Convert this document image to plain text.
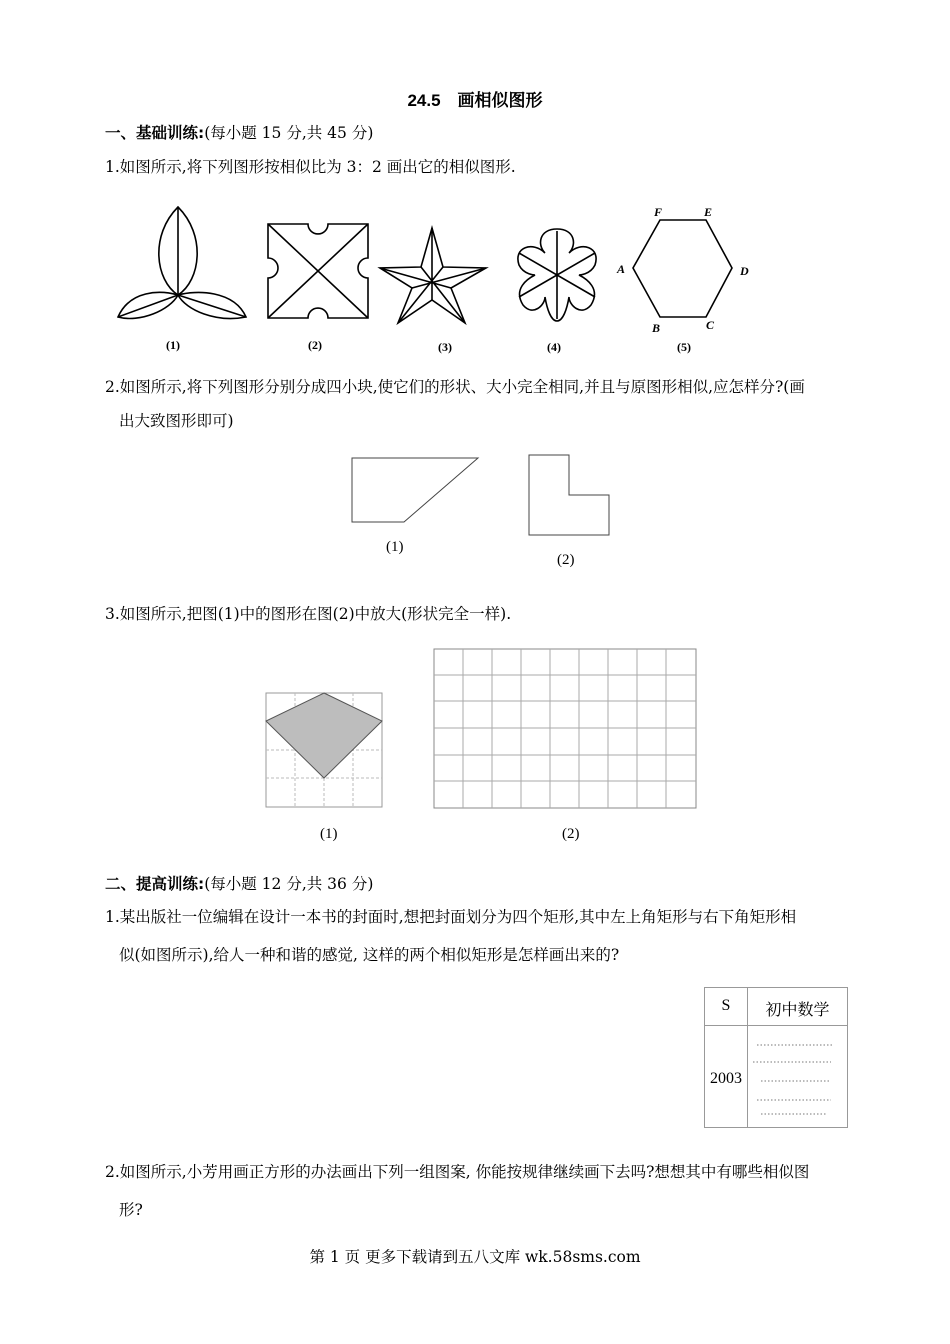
24.5　画相似图形
一、基础训练:(每小题 15 分,共 45 分)
1.如图所示,将下列图形按相似比为 3：2 画出它的相似图形.
F	E
A	D
B	C
(1)	(2)	(3)	(4)	(5)
2.如图所示,将下列图形分别分成四小块,使它们的形状、大小完全相同,并且与原图形相似,应怎样分?(画
出大致图形即可)
(1)
(2)
3.如图所示,把图(1)中的图形在图(2)中放大(形状完全一样).
(1)	(2)
二、提高训练:(每小题 12 分,共 36 分)
1.某出版社一位编辑在设计一本书的封面时,想把封面划分为四个矩形,其中左上角矩形与右下角矩形相
似(如图所示),给人一种和谐的感觉, 这样的两个相似矩形是怎样画出来的?
S	初中数学
2003
2.如图所示,小芳用画正方形的办法画出下列一组图案, 你能按规律继续画下去吗?想想其中有哪些相似图
形?
第 1 页 更多下载请到五八文库 wk.58sms.com
